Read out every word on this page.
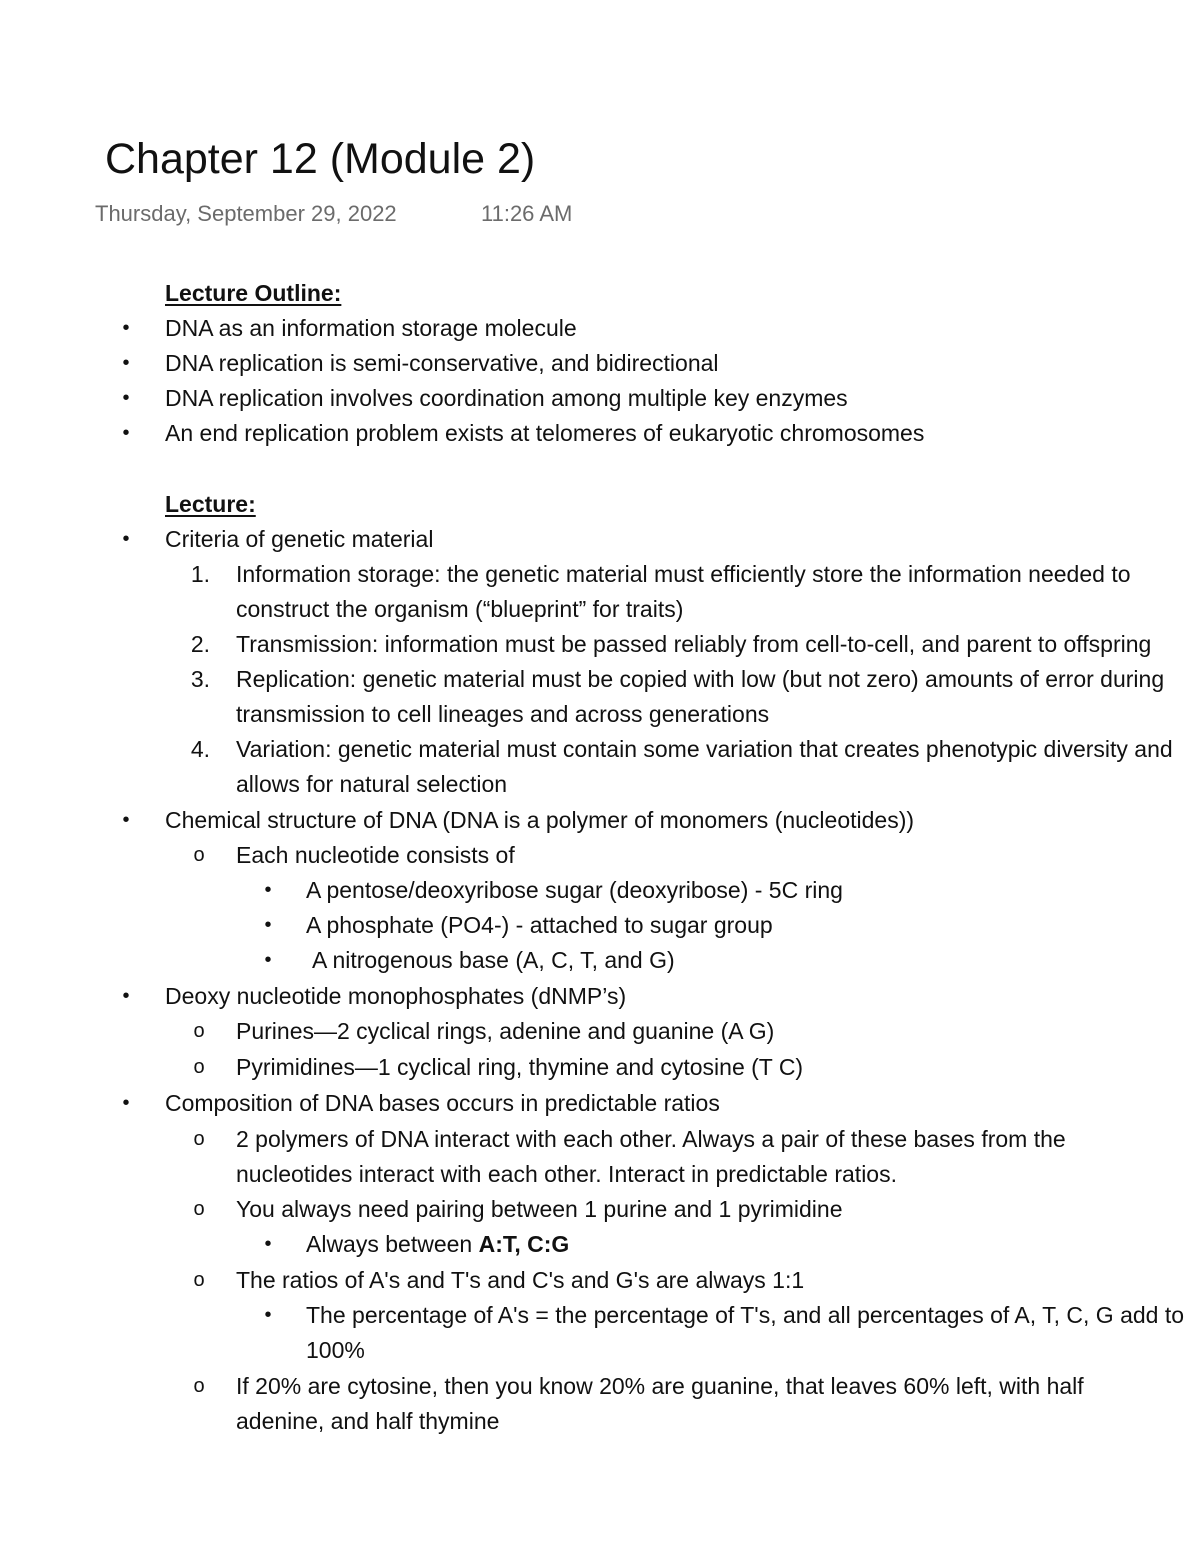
Chapter 12 (Module 2)
Thursday, September 29, 2022	11:26 AM
Lecture Outline:
• DNA as an information storage molecule
• DNA replication is semi-conservative, and bidirectional
• DNA replication involves coordination among multiple key enzymes
• An end replication problem exists at telomeres of eukaryotic chromosomes
Lecture:
• Criteria of genetic material
1. Information storage: the genetic material must efficiently store the information needed to
construct the organism (“blueprint” for traits)
2. Transmission: information must be passed reliably from cell-to-cell, and parent to offspring
3. Replication: genetic material must be copied with low (but not zero) amounts of error during
transmission to cell lineages and across generations
4. Variation: genetic material must contain some variation that creates phenotypic diversity and
allows for natural selection
• Chemical structure of DNA (DNA is a polymer of monomers (nucleotides))
o Each nucleotide consists of
• A pentose/deoxyribose sugar (deoxyribose) - 5C ring
• A phosphate (PO4-) - attached to sugar group
• A nitrogenous base (A, C, T, and G)
• Deoxy nucleotide monophosphates (dNMP’s)
o Purines—2 cyclical rings, adenine and guanine (A G)
o Pyrimidines—1 cyclical ring, thymine and cytosine (T C)
• Composition of DNA bases occurs in predictable ratios
o 2 polymers of DNA interact with each other. Always a pair of these bases from the
nucleotides interact with each other. Interact in predictable ratios.
o You always need pairing between 1 purine and 1 pyrimidine
• Always between A:T, C:G
o The ratios of A's and T's and C's and G's are always 1:1
• The percentage of A's = the percentage of T's, and all percentages of A, T, C, G add to
100%
o If 20% are cytosine, then you know 20% are guanine, that leaves 60% left, with half
adenine, and half thymine
